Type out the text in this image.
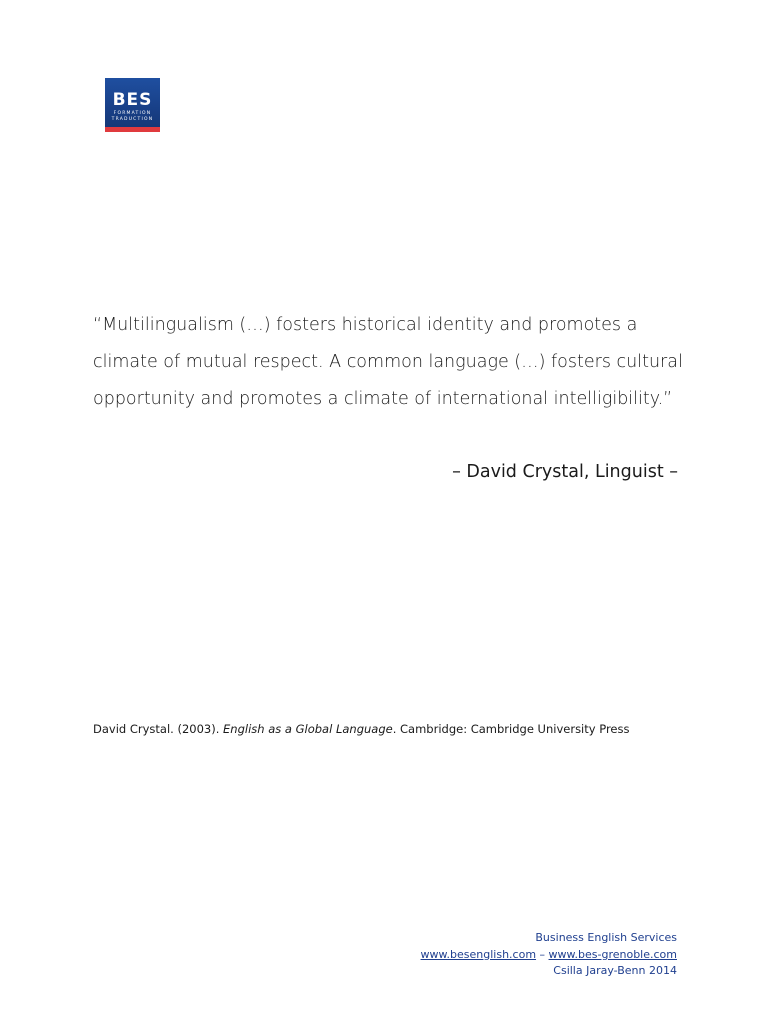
BES
FORMATION
TRADUCTION

“Multilingualism (…) fosters historical identity and promotes a
climate of mutual respect. A common language (…) fosters cultural
opportunity and promotes a climate of international intelligibility.”

– David Crystal, Linguist –

David Crystal. (2003). English as a Global Language. Cambridge: Cambridge University Press

Business English Services
www.besenglish.com – www.bes-grenoble.com
Csilla Jaray-Benn 2014
